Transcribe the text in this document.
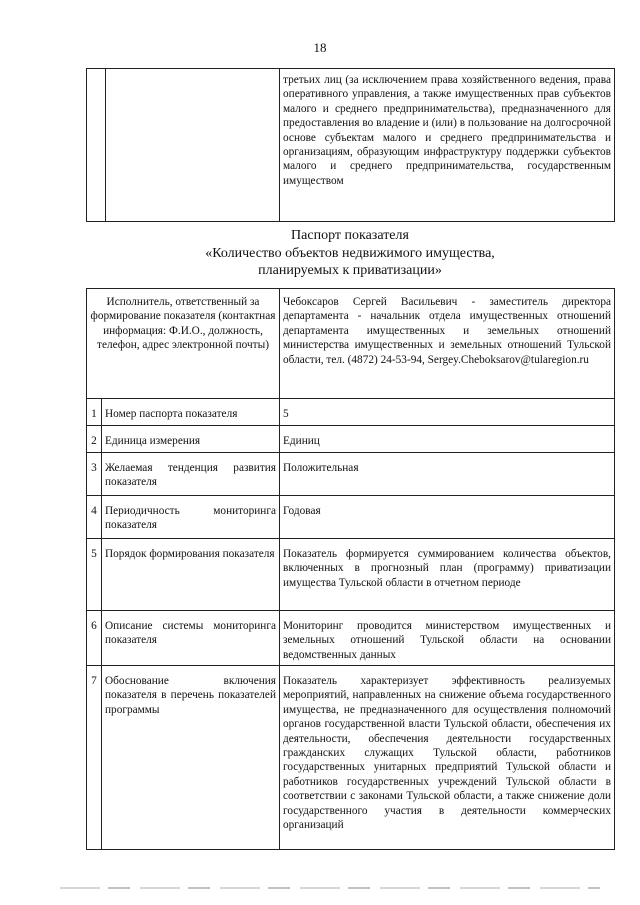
18
		третьих лиц (за исключением права хозяйственного ведения, права оперативного управления, а также имущественных прав субъектов малого и среднего предпринимательства), предназначенного для предоставления во владение и (или) в пользование на долгосрочной основе субъектам малого и среднего предпринимательства и организациям, образующим инфраструктуру поддержки субъектов малого и среднего предпринимательства, государственным имуществом
Паспорт показателя
«Количество объектов недвижимого имущества,
планируемых к приватизации»
Исполнитель, ответственный за формирование показателя (контактная информация: Ф.И.О., должность, телефон, адрес электронной почты)		Чебоксаров Сергей Васильевич - заместитель директора департамента - начальник отдела имущественных отношений департамента имущественных и земельных отношений министерства имущественных и земельных отношений Тульской области, тел. (4872) 24-53-94, Sergey.Cheboksarov@tularegion.ru
1	Номер паспорта показателя	5
2	Единица измерения	Единиц
3	Желаемая тенденция развития показателя	Положительная
4	Периодичность мониторинга показателя	Годовая
5	Порядок формирования показателя	Показатель формируется суммированием количества объектов, включенных в прогнозный план (программу) приватизации имущества Тульской области в отчетном периоде
6	Описание системы мониторинга показателя	Мониторинг проводится министерством имущественных и земельных отношений Тульской области на основании ведомственных данных
7	Обоснование включения показателя в перечень показателей программы	Показатель характеризует эффективность реализуемых мероприятий, направленных на снижение объема государственного имущества, не предназначенного для осуществления полномочий органов государственной власти Тульской области, обеспечения их деятельности, обеспечения деятельности государственных гражданских служащих Тульской области, работников государственных унитарных предприятий Тульской области и работников государственных учреждений Тульской области в соответствии с законами Тульской области, а также снижение доли государственного участия в деятельности коммерческих организаций
